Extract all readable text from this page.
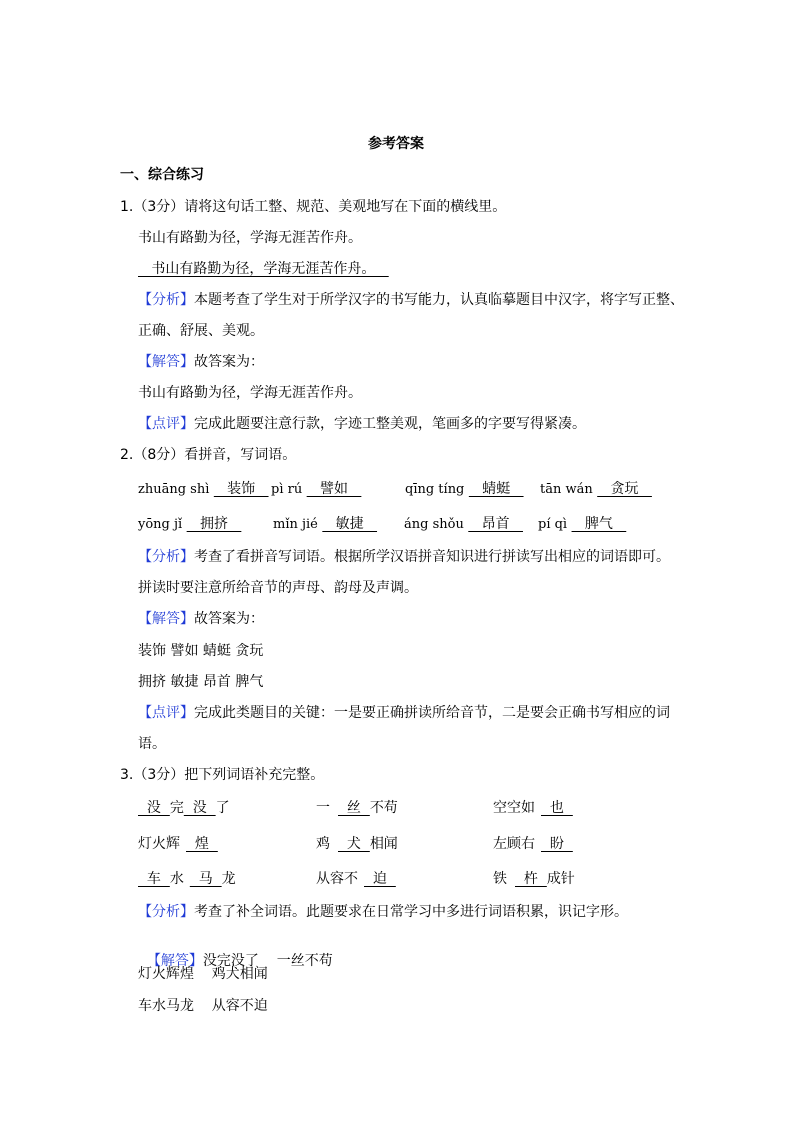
参考答案
一、综合练习
1.（3分）请将这句话工整、规范、美观地写在下面的横线里。
书山有路勤为径，学海无涯苦作舟。
书山有路勤为径，学海无涯苦作舟。
【分析】本题考查了学生对于所学汉字的书写能力，认真临摹题目中汉字，将字写正整、
正确、舒展、美观。
【解答】故答案为：
书山有路勤为径，学海无涯苦作舟。
【点评】完成此题要注意行款，字迹工整美观，笔画多的字要写得紧凑。
2.（8分）看拼音，写词语。
zhuāng shì    装饰 pì rú    譬如	qīng tíng    蜻蜓 tān wán    贪玩
yōng jǐ    拥挤 mǐn jié    敏捷 áng shǒu    昂首 pí qì    脾气
【分析】考查了看拼音写词语。根据所学汉语拼音知识进行拼读写出相应的词语即可。
拼读时要注意所给音节的声母、韵母及声调。
【解答】故答案为：
装饰 譬如 蜻蜓 贪玩
拥挤 敏捷 昂首 脾气
【点评】完成此类题目的关键：一是要正确拼读所给音节，二是要会正确书写相应的词
语。
3.（3分）把下列词语补充完整。
没  完  没  了	一  丝  不苟	空空如  也
灯火辉  煌	鸡  犬  相闻	左顾右  盼
车  水  马  龙	从容不  迫	铁  杵  成针
【分析】考查了补全词语。此题要求在日常学习中多进行词语积累，识记字形。

【解答】没完没了    一丝不苟

灯火辉煌    鸡犬相闻
车水马龙    从容不迫
